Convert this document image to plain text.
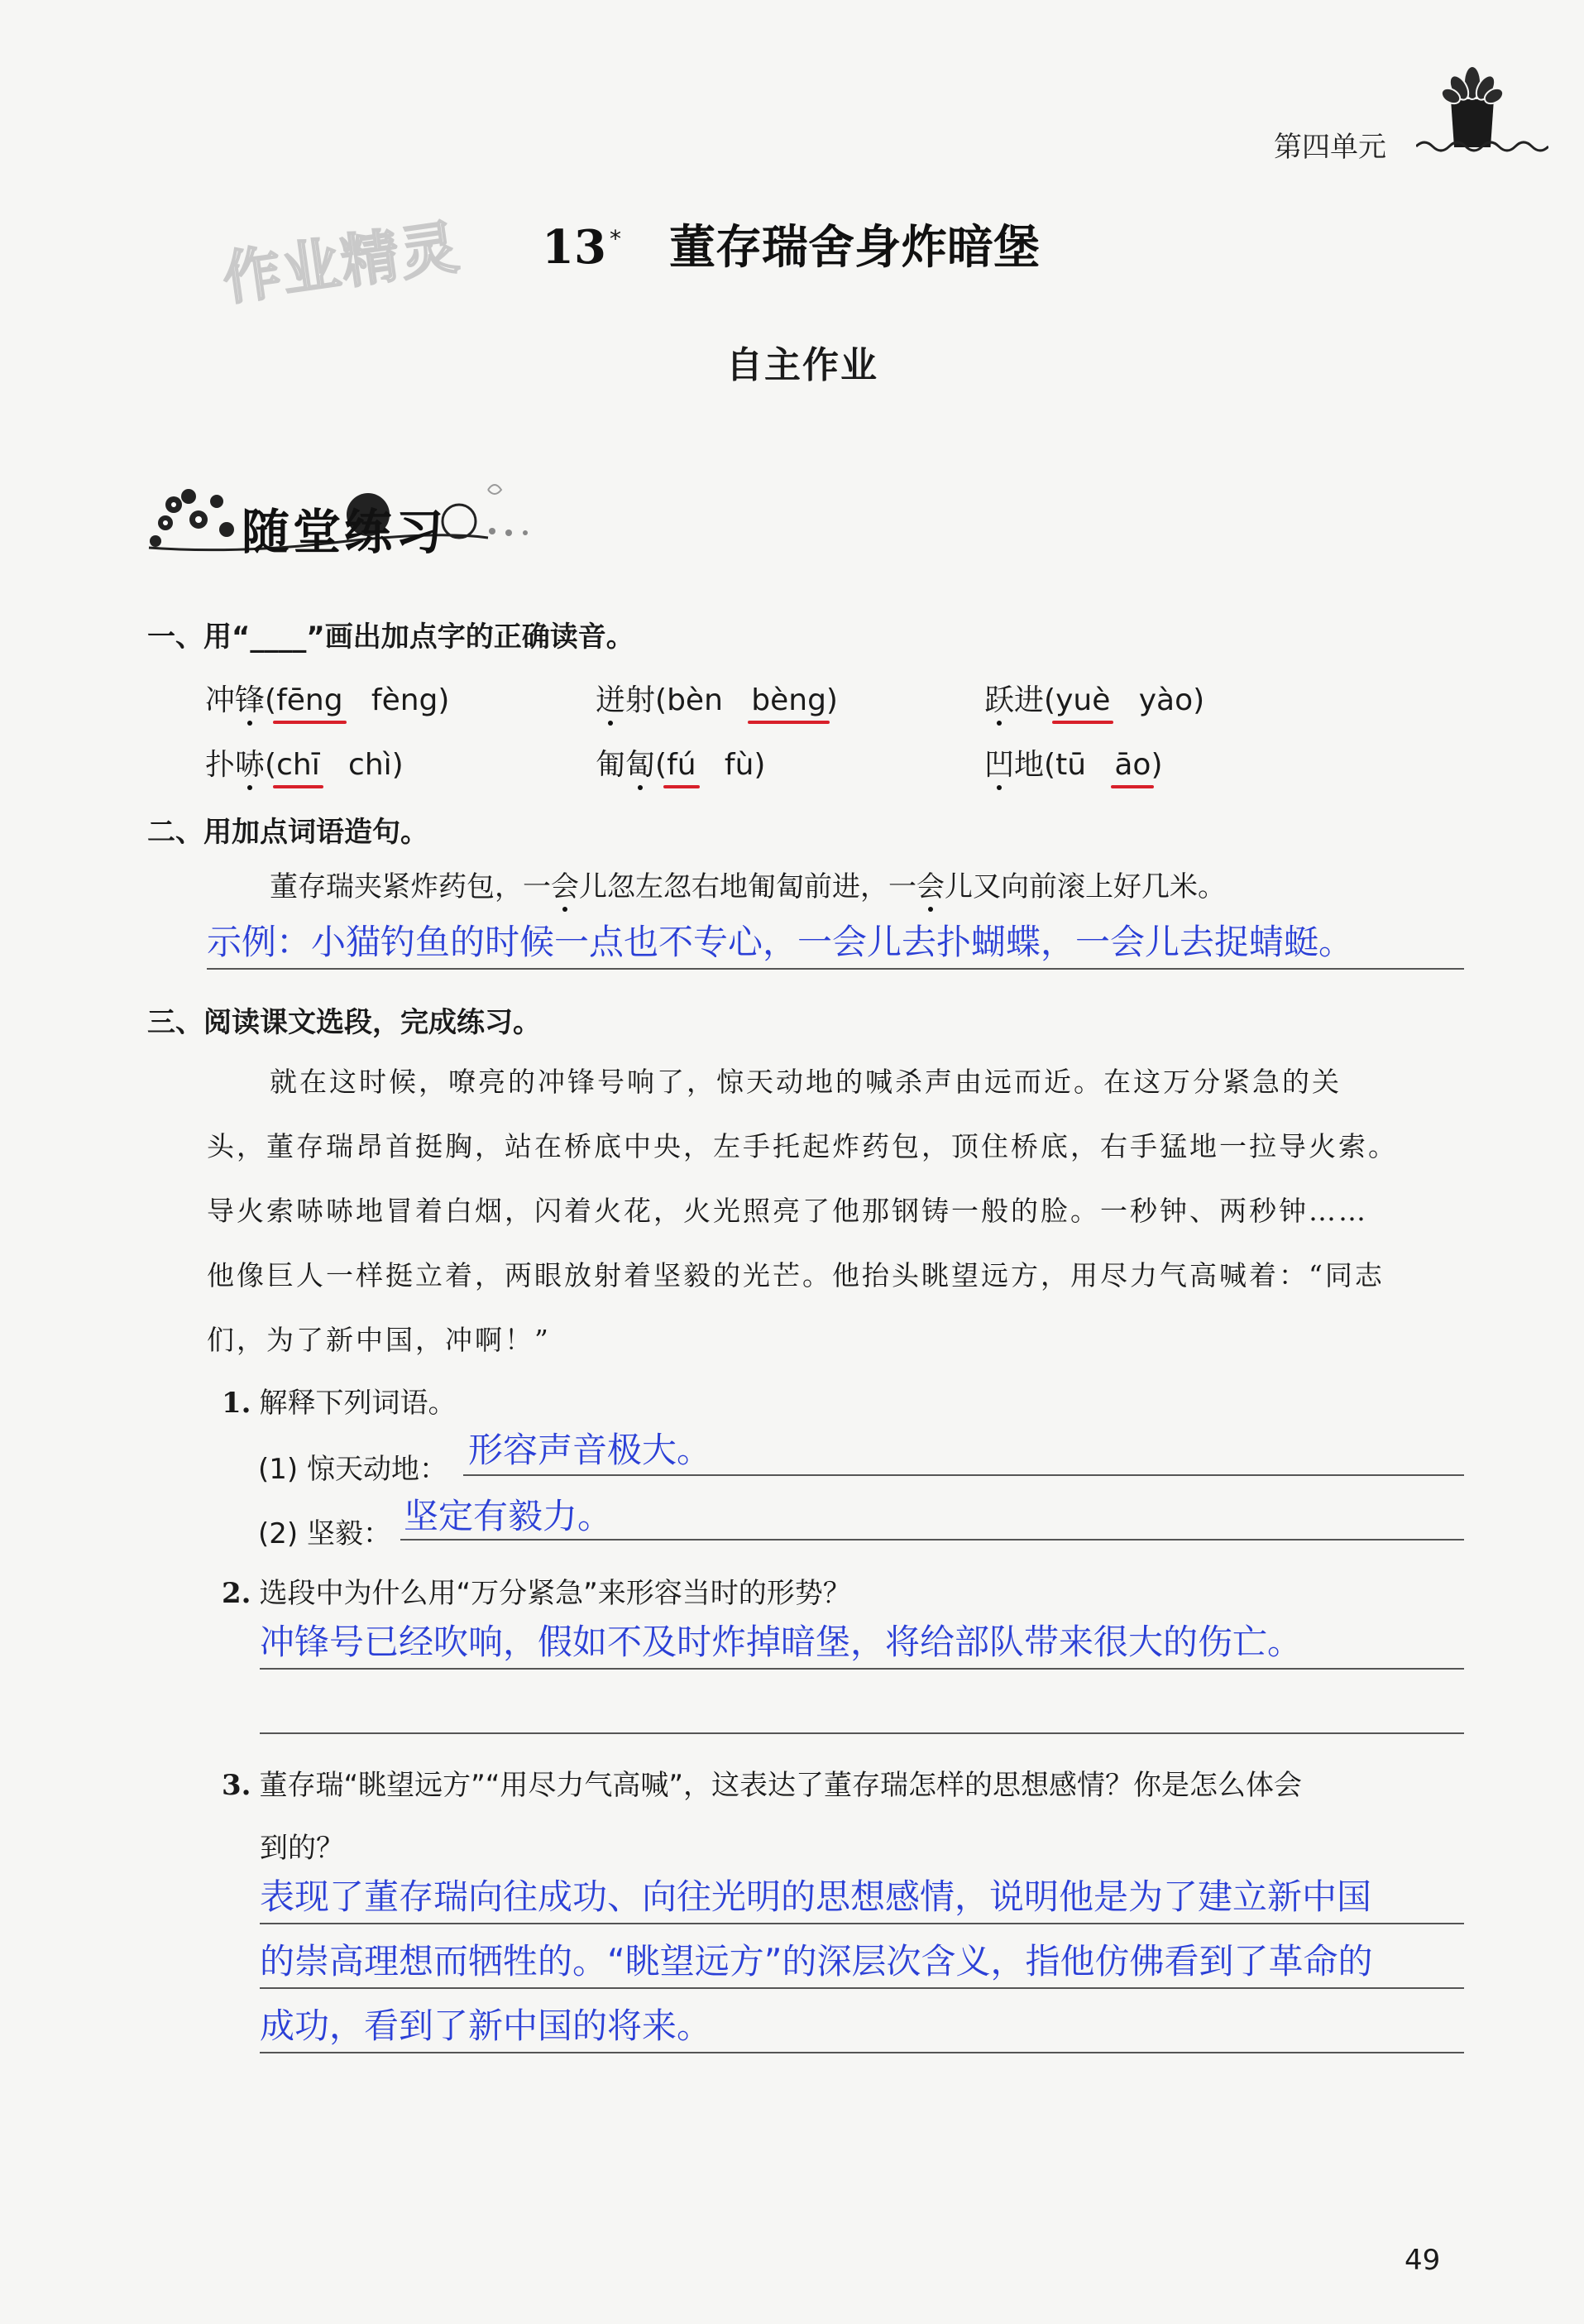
第四单元
作业精灵 13 * 董存瑞舍身炸暗堡
自主作业
随堂练习
一、用“____”画出加点字的正确读音。
冲锋(fēng fèng)	迸射(bèn bèng)	跃进(yuè yào)
扑哧(chī chì)	匍匐(fú fù)	凹地(tū āo)
二、用加点词语造句。
董存瑞夹紧炸药包，一会儿忽左忽右地匍匐前进，一会儿又向前滚上好几米。
示例：小猫钓鱼的时候一点也不专心，一会儿去扑蝴蝶，一会儿去捉蜻蜓。
三、阅读课文选段，完成练习。
就在这时候，嘹亮的冲锋号响了，惊天动地的喊杀声由远而近。在这万分紧急的关
头，董存瑞昂首挺胸，站在桥底中央，左手托起炸药包，顶住桥底，右手猛地一拉导火索。
导火索哧哧地冒着白烟，闪着火花，火光照亮了他那钢铸一般的脸。一秒钟、两秒钟……
他像巨人一样挺立着，两眼放射着坚毅的光芒。他抬头眺望远方，用尽力气高喊着：“同志
们，为了新中国，冲啊！”
1. 解释下列词语。
(1) 惊天动地： 形容声音极大。
(2) 坚毅： 坚定有毅力。
2. 选段中为什么用“万分紧急”来形容当时的形势？
冲锋号已经吹响，假如不及时炸掉暗堡，将给部队带来很大的伤亡。
3. 董存瑞“眺望远方”“用尽力气高喊”，这表达了董存瑞怎样的思想感情？你是怎么体会
到的？
表现了董存瑞向往成功、向往光明的思想感情，说明他是为了建立新中国
的崇高理想而牺牲的。“眺望远方”的深层次含义，指他仿佛看到了革命的
成功，看到了新中国的将来。
49
